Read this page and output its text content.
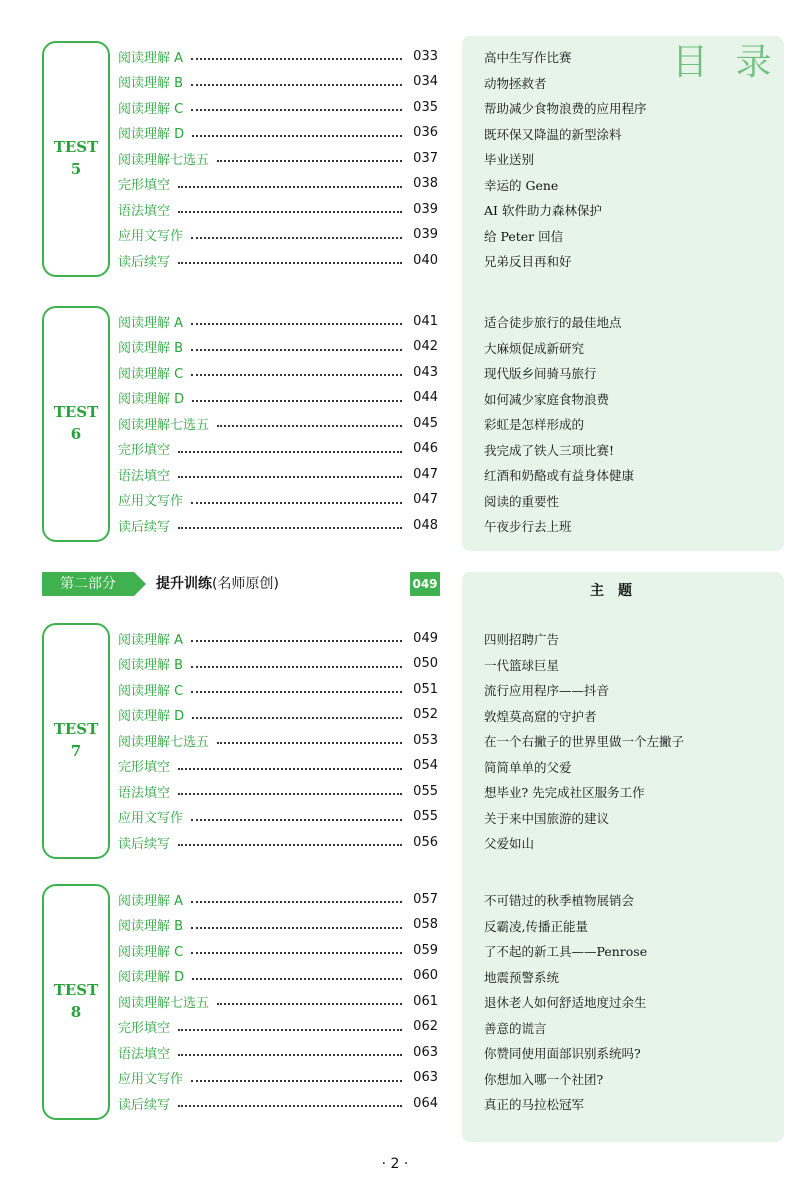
目 录
TEST
5
阅读理解 A	033	高中生写作比赛
阅读理解 B	034	动物拯救者
阅读理解 C	035	帮助减少食物浪费的应用程序
阅读理解 D	036	既环保又降温的新型涂料
阅读理解七选五	037	毕业送别
完形填空	038	幸运的 Gene
语法填空	039	AI 软件助力森林保护
应用文写作	039	给 Peter 回信
读后续写	040	兄弟反目再和好
TEST
6
阅读理解 A	041	适合徒步旅行的最佳地点
阅读理解 B	042	大麻烦促成新研究
阅读理解 C	043	现代版乡间骑马旅行
阅读理解 D	044	如何减少家庭食物浪费
阅读理解七选五	045	彩虹是怎样形成的
完形填空	046	我完成了铁人三项比赛!
语法填空	047	红酒和奶酪或有益身体健康
应用文写作	047	阅读的重要性
读后续写	048	午夜步行去上班
TEST
7
阅读理解 A	049	四则招聘广告
阅读理解 B	050	一代篮球巨星
阅读理解 C	051	流行应用程序——抖音
阅读理解 D	052	敦煌莫高窟的守护者
阅读理解七选五	053	在一个右撇子的世界里做一个左撇子
完形填空	054	简简单单的父爱
语法填空	055	想毕业? 先完成社区服务工作
应用文写作	055	关于来中国旅游的建议
读后续写	056	父爱如山
TEST
8
阅读理解 A	057	不可错过的秋季植物展销会
阅读理解 B	058	反霸凌,传播正能量
阅读理解 C	059	了不起的新工具——Penrose
阅读理解 D	060	地震预警系统
阅读理解七选五	061	退休老人如何舒适地度过余生
完形填空	062	善意的谎言
语法填空	063	你赞同使用面部识别系统吗?
应用文写作	063	你想加入哪一个社团?
读后续写	064	真正的马拉松冠军
第二部分	提升训练(名师原创)	049	主题
· 2 ·
